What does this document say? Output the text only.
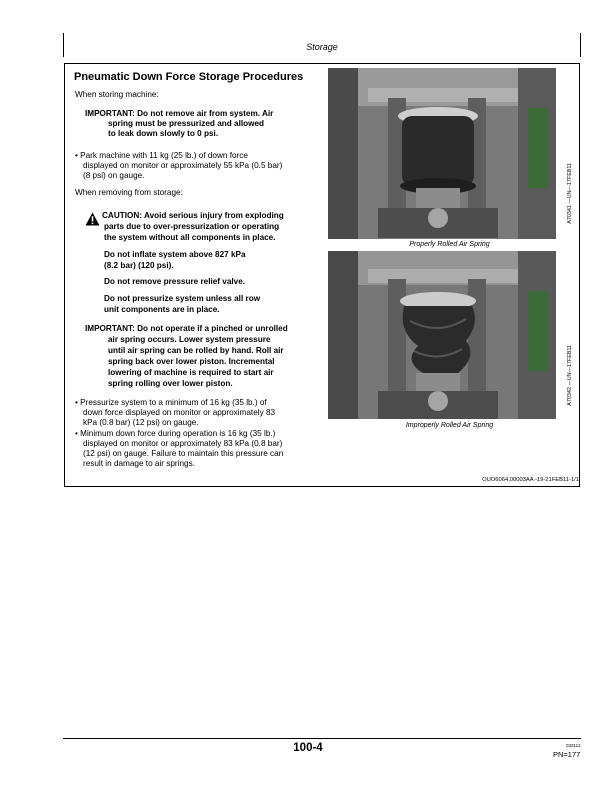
Storage
Pneumatic Down Force Storage Procedures
When storing machine:
IMPORTANT: Do not remove air from system. Air
spring must be pressurized and allowed
to leak down slowly to 0 psi.
• Park machine with 11 kg (25 lb.) of down force
displayed on monitor or approximately 55 kPa (0.5 bar)
(8 psi) on gauge.
When removing from storage:
CAUTION: Avoid serious injury from exploding
parts due to over-pressurization or operating
the system without all components in place.
Do not inflate system above 827 kPa
(8.2 bar) (120 psi).
Do not remove pressure relief valve.
Do not pressurize system unless all row
unit components are in place.
IMPORTANT: Do not operate if a pinched or unrolled
air spring occurs. Lower system pressure
until air spring can be rolled by hand. Roll air
spring back over lower piston. Incremental
lowering of machine is required to start air
spring rolling over lower piston.
• Pressurize system to a minimum of 16 kg (35 lb.) of
down force displayed on monitor or approximately 83
kPa (0.8 bar) (12 psi) on gauge.
• Minimum down force during operation is 16 kg (35 lb.)
displayed on monitor or approximately 83 kPa (0.8 bar)
(12 psi) on gauge. Failure to maintain this pressure can
result in damage to air springs.
Properly Rolled Air Spring
A70341 —UN—17FEB11
Improperly Rolled Air Spring
A70342 —UN—17FEB11
OUO6064,00003AA -19-21FEB11-1/1
100-4	033112
PN=177
